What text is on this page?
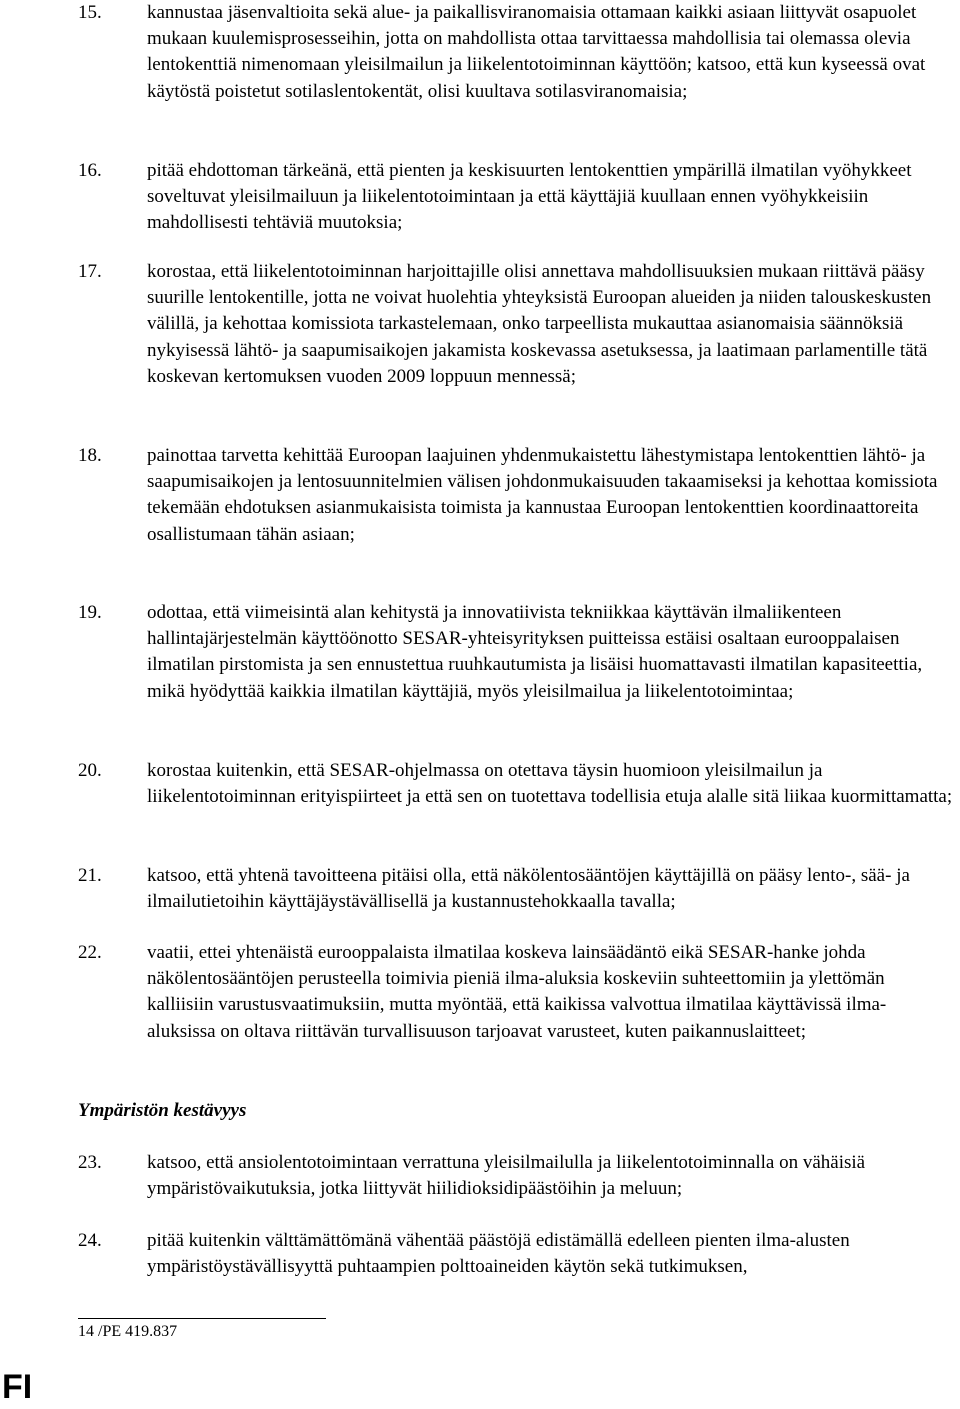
15.	kannustaa jäsenvaltioita sekä alue- ja paikallisviranomaisia ottamaan kaikki asiaan liittyvät osapuolet mukaan kuulemisprosesseihin, jotta on mahdollista ottaa tarvittaessa mahdollisia tai olemassa olevia lentokenttiä nimenomaan yleisilmailun ja liikelentotoiminnan käyttöön; katsoo, että kun kyseessä ovat käytöstä poistetut sotilaslentokentät, olisi kuultava sotilasviranomaisia;
16.	pitää ehdottoman tärkeänä, että pienten ja keskisuurten lentokenttien ympärillä ilmatilan vyöhykkeet soveltuvat yleisilmailuun ja liikelentotoimintaan ja että käyttäjiä kuullaan ennen vyöhykkeisiin mahdollisesti tehtäviä muutoksia;
17.	korostaa, että liikelentotoiminnan harjoittajille olisi annettava mahdollisuuksien mukaan riittävä pääsy suurille lentokentille, jotta ne voivat huolehtia yhteyksistä Euroopan alueiden ja niiden talouskeskusten välillä, ja kehottaa komissiota tarkastelemaan, onko tarpeellista mukauttaa asianomaisia säännöksiä nykyisessä lähtö- ja saapumisaikojen jakamista koskevassa asetuksessa, ja laatimaan parlamentille tätä koskevan kertomuksen vuoden 2009 loppuun mennessä;
18.	painottaa tarvetta kehittää Euroopan laajuinen yhdenmukaistettu lähestymistapa lentokenttien lähtö- ja saapumisaikojen ja lentosuunnitelmien välisen johdonmukaisuuden takaamiseksi ja kehottaa komissiota tekemään ehdotuksen asianmukaisista toimista ja kannustaa Euroopan lentokenttien koordinaattoreita osallistumaan tähän asiaan;
19.	odottaa, että viimeisintä alan kehitystä ja innovatiivista tekniikkaa käyttävän ilmaliikenteen hallintajärjestelmän käyttöönotto SESAR-yhteisyrityksen puitteissa estäisi osaltaan eurooppalaisen ilmatilan pirstomista ja sen ennustettua ruuhkautumista ja lisäisi huomattavasti ilmatilan kapasiteettia, mikä hyödyttää kaikkia ilmatilan käyttäjiä, myös yleisilmailua ja liikelentotoimintaa;
20.	korostaa kuitenkin, että SESAR-ohjelmassa on otettava täysin huomioon yleisilmailun ja liikelentotoiminnan erityispiirteet ja että sen on tuotettava todellisia etuja alalle sitä liikaa kuormittamatta;
21.	katsoo, että yhtenä tavoitteena pitäisi olla, että näkölentosääntöjen käyttäjillä on pääsy lento-, sää- ja ilmailutietoihin käyttäjäystävällisellä ja kustannustehokkaalla tavalla;
22.	vaatii, ettei yhtenäistä eurooppalaista ilmatilaa koskeva lainsäädäntö eikä SESAR-hanke johda näkölentosääntöjen perusteella toimivia pieniä ilma-aluksia koskeviin suhteettomiin ja ylettömän kalliisiin varustusvaatimuksiin, mutta myöntää, että kaikissa valvottua ilmatilaa käyttävissä ilma-aluksissa on oltava riittävän turvallisuuson tarjoavat varusteet, kuten paikannuslaitteet;
Ympäristön kestävyys
23.	katsoo, että ansiolentotoimintaan verrattuna yleisilmailulla ja liikelentotoiminnalla on vähäisiä ympäristövaikutuksia, jotka liittyvät hiilidioksidipäästöihin ja meluun;
24.	pitää kuitenkin välttämättömänä vähentää päästöjä edistämällä edelleen pienten ilma-alusten ympäristöystävällisyyttä puhtaampien polttoaineiden käytön sekä tutkimuksen,
14 /PE 419.837
FI
